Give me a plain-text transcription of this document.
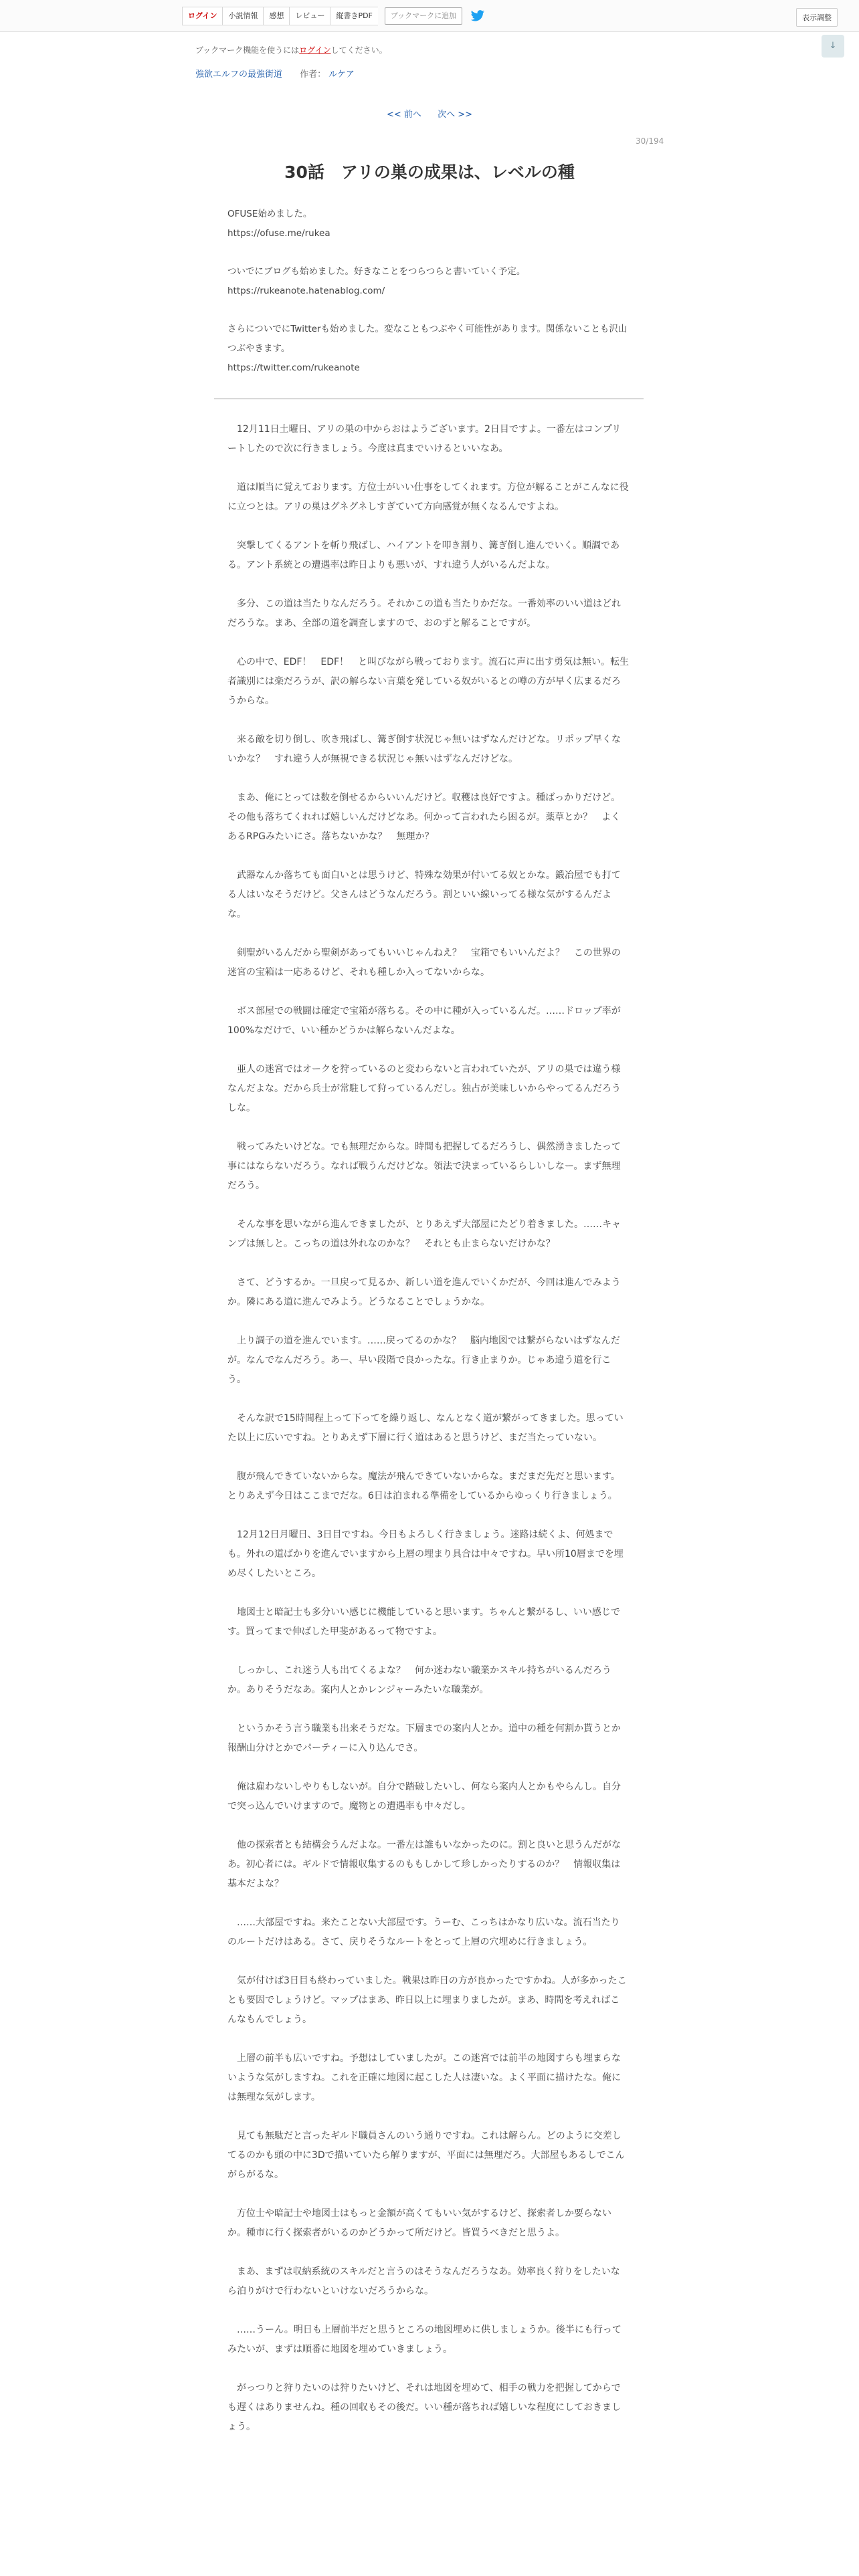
ログイン	小説情報	感想	レビュー	縦書きPDF	ブックマークに追加	表示調整
ブックマーク機能を使うにはログインしてください。	↓
強欲エルフの最強街道 作者： ルケア
<< 前へ 次へ >>
30/194
30話　アリの巣の成果は、レベルの種

OFUSE始めました。
https://ofuse.me/rukea

ついでにブログも始めました。好きなことをつらつらと書いていく予定。
https://rukeanote.hatenablog.com/

さらについでにTwitterも始めました。変なこともつぶやく可能性があります。関係ないことも沢山つぶやきます。
https://twitter.com/rukeanote

　12月11日土曜日、アリの巣の中からおはようございます。2日目ですよ。一番左はコンプリートしたので次に行きましょう。今度は真までいけるといいなあ。

　道は順当に覚えております。方位士がいい仕事をしてくれます。方位が解ることがこんなに役に立つとは。アリの巣はグネグネしすぎていて方向感覚が無くなるんですよね。

　突撃してくるアントを斬り飛ばし、ハイアントを叩き割り、篝ぎ倒し進んでいく。順調である。アント系統との遭遇率は昨日よりも悪いが、すれ違う人がいるんだよな。

　多分、この道は当たりなんだろう。それかこの道も当たりかだな。一番効率のいい道はどれだろうな。まあ、全部の道を調査しますので、おのずと解ることですが。

　心の中で、EDF！　EDF！　と叫びながら戦っております。流石に声に出す勇気は無い。転生者識別には楽だろうが、訳の解らない言葉を発している奴がいるとの噂の方が早く広まるだろうからな。

　来る敵を切り倒し、吹き飛ばし、篝ぎ倒す状況じゃ無いはずなんだけどな。リポップ早くないかな？　すれ違う人が無視できる状況じゃ無いはずなんだけどな。

　まあ、俺にとっては数を倒せるからいいんだけど。収穫は良好ですよ。種ばっかりだけど。その他も落ちてくれれば嬉しいんだけどなあ。何かって言われたら困るが。薬草とか？　よくあるRPGみたいにさ。落ちないかな？　無理か？

　武器なんか落ちても面白いとは思うけど、特殊な効果が付いてる奴とかな。鍛冶屋でも打てる人はいなそうだけど。父さんはどうなんだろう。割といい線いってる様な気がするんだよな。

　剣聖がいるんだから聖剣があってもいいじゃんねえ？　宝箱でもいいんだよ？　この世界の迷宮の宝箱は一応あるけど、それも種しか入ってないからな。

　ボス部屋での戦闘は確定で宝箱が落ちる。その中に種が入っているんだ。……ドロップ率が100%なだけで、いい種かどうかは解らないんだよな。

　亜人の迷宮ではオークを狩っているのと変わらないと言われていたが、アリの巣では違う様なんだよな。だから兵士が常駐して狩っているんだし。独占が美味しいからやってるんだろうしな。

　戦ってみたいけどな。でも無理だからな。時間も把握してるだろうし、偶然湧きましたって事にはならないだろう。なれば戦うんだけどな。領法で決まっているらしいしなー。まず無理だろう。

　そんな事を思いながら進んできましたが、とりあえず大部屋にたどり着きました。……キャンプは無しと。こっちの道は外れなのかな？　それとも止まらないだけかな？

　さて、どうするか。一旦戻って見るか、新しい道を進んでいくかだが、今回は進んでみようか。隣にある道に進んでみよう。どうなることでしょうかな。

　上り調子の道を進んでいます。……戻ってるのかな？　脳内地図では繋がらないはずなんだが。なんでなんだろう。あー、早い段階で良かったな。行き止まりか。じゃあ違う道を行こう。

　そんな訳で15時間程上って下ってを繰り返し、なんとなく道が繋がってきました。思っていた以上に広いですね。とりあえず下層に行く道はあると思うけど、まだ当たっていない。

　腹が飛んできていないからな。魔法が飛んできていないからな。まだまだ先だと思います。とりあえず今日はここまでだな。6日は泊まれる準備をしているからゆっくり行きましょう。

　12月12日月曜日、3日目ですね。今日もよろしく行きましょう。迷路は続くよ、何処までも。外れの道ばかりを進んでいますから上層の埋まり具合は中々ですね。早い所10層までを埋め尽くしたいところ。

　地図士と暗記士も多分いい感じに機能していると思います。ちゃんと繋がるし、いい感じです。買ってまで伸ばした甲斐があるって物ですよ。

　しっかし、これ迷う人も出てくるよな？　何か迷わない職業かスキル持ちがいるんだろうか。ありそうだなあ。案内人とかレンジャーみたいな職業が。

　というかそう言う職業も出来そうだな。下層までの案内人とか。道中の種を何割か貰うとか報酬山分けとかでパーティーに入り込んでさ。

　俺は雇わないしやりもしないが。自分で踏破したいし、何なら案内人とかもやらんし。自分で突っ込んでいけますので。魔物との遭遇率も中々だし。

　他の探索者とも結構会うんだよな。一番左は誰もいなかったのに。割と良いと思うんだがなあ。初心者には。ギルドで情報収集するのももしかして珍しかったりするのか？　情報収集は基本だよな？

　……大部屋ですね。来たことない大部屋です。うーむ、こっちはかなり広いな。流石当たりのルートだけはある。さて、戻りそうなルートをとって上層の穴埋めに行きましょう。

　気が付けば3日目も終わっていました。戦果は昨日の方が良かったですかね。人が多かったことも要因でしょうけど。マップはまあ、昨日以上に埋まりましたが。まあ、時間を考えればこんなもんでしょう。

　上層の前半も広いですね。予想はしていましたが。この迷宮では前半の地図すらも埋まらないような気がしますね。これを正確に地図に起こした人は凄いな。よく平面に描けたな。俺には無理な気がします。

　見ても無駄だと言ったギルド職員さんのいう通りですね。これは解らん。どのように交差してるのかも頭の中に3Dで描いていたら解りますが、平面には無理だろ。大部屋もあるしでこんがらがるな。

　方位士や暗記士や地図士はもっと金額が高くてもいい気がするけど、探索者しか要らないか。種市に行く探索者がいるのかどうかって所だけど。皆買うべきだと思うよ。

　まあ、まずは収納系統のスキルだと言うのはそうなんだろうなあ。効率良く狩りをしたいなら泊りがけで行わないといけないだろうからな。

　……うーん。明日も上層前半だと思うところの地図埋めに供しましょうか。後半にも行ってみたいが、まずは順番に地図を埋めていきましょう。

　がっつりと狩りたいのは狩りたいけど、それは地図を埋めて、相手の戦力を把握してからでも遅くはありませんね。種の回収もその後だ。いい種が落ちれば嬉しいな程度にしておきましょう。
